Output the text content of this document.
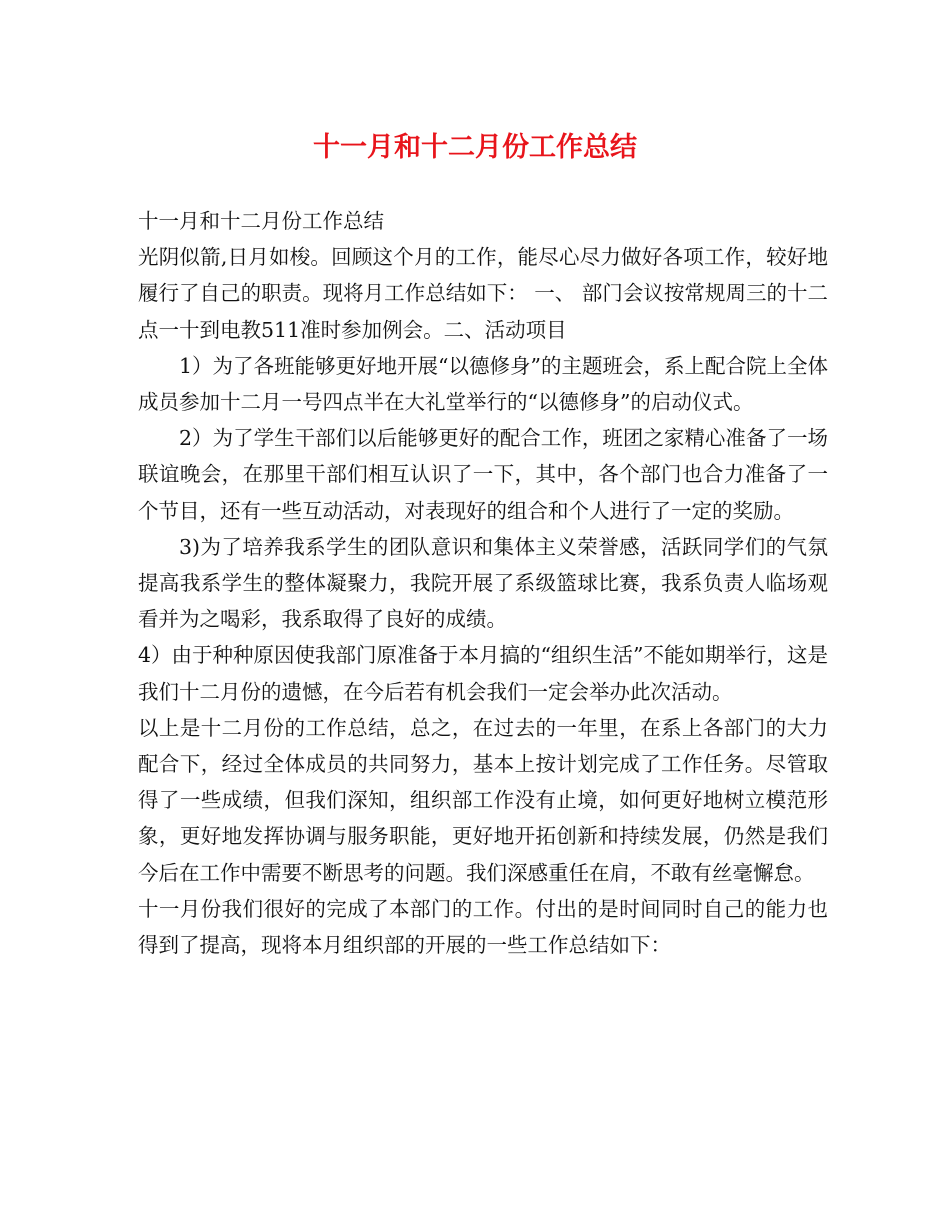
十一月和十二月份工作总结

十一月和十二月份工作总结

光阴似箭,日月如梭。回顾这个月的工作，能尽心尽力做好各项工作，较好地履行了自己的职责。现将月工作总结如下： 一、 部门会议按常规周三的十二点一十到电教511准时参加例会。二、活动项目

1）为了各班能够更好地开展“以德修身”的主题班会，系上配合院上全体成员参加十二月一号四点半在大礼堂举行的“以德修身”的启动仪式。

2）为了学生干部们以后能够更好的配合工作，班团之家精心准备了一场联谊晚会，在那里干部们相互认识了一下，其中，各个部门也合力准备了一个节目，还有一些互动活动，对表现好的组合和个人进行了一定的奖励。

3)为了培养我系学生的团队意识和集体主义荣誉感，活跃同学们的气氛提高我系学生的整体凝聚力，我院开展了系级篮球比赛，我系负责人临场观看并为之喝彩，我系取得了良好的成绩。

4）由于种种原因使我部门原准备于本月搞的“组织生活”不能如期举行，这是我们十二月份的遗憾，在今后若有机会我们一定会举办此次活动。

以上是十二月份的工作总结，总之，在过去的一年里，在系上各部门的大力配合下，经过全体成员的共同努力，基本上按计划完成了工作任务。尽管取得了一些成绩，但我们深知，组织部工作没有止境，如何更好地树立模范形象，更好地发挥协调与服务职能，更好地开拓创新和持续发展，仍然是我们今后在工作中需要不断思考的问题。我们深感重任在肩，不敢有丝毫懈怠。

十一月份我们很好的完成了本部门的工作。付出的是时间同时自己的能力也得到了提高，现将本月组织部的开展的一些工作总结如下：
